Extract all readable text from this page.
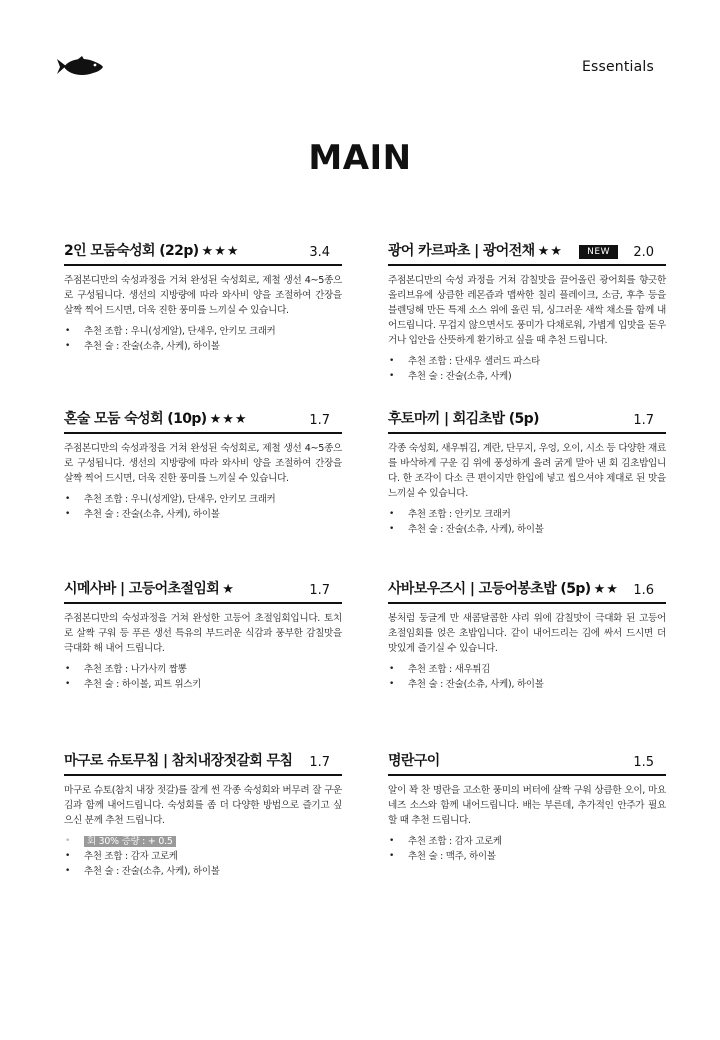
Essentials
MAIN
2인 모둠숙성회 (22p) ★★★	3.4
주점본디만의 숙성과정을 거쳐 완성된 숙성회로, 제철 생선 4~5종으로 구성됩니다. 생선의 지방량에 따라 와사비 양을 조절하여 간장을 살짝 찍어 드시면, 더욱 진한 풍미를 느끼실 수 있습니다.
• 추천 조합 : 우니(성게알), 단새우, 안키모 크래커
• 추천 술 : 잔술(소츄, 사케), 하이볼
광어 카르파초 | 광어전채 ★★	NEW	2.0
주점본디만의 숙성 과정을 거쳐 감칠맛을 끌어올린 광어회를 향긋한 올리브유에 상큼한 레몬즙과 맵싸한 칠리 플레이크, 소금, 후추 등을 블렌딩해 만든 특제 소스 위에 올린 뒤, 싱그러운 새싹 채소를 함께 내어드립니다. 무겁지 않으면서도 풍미가 다채로워, 가볍게 입맛을 돋우거나 입안을 산뜻하게 환기하고 싶을 때 추천 드립니다.
• 추천 조합 : 단새우 샐러드 파스타
• 추천 술 : 잔술(소츄, 사케)
혼술 모둠 숙성회 (10p) ★★★	1.7
주점본디만의 숙성과정을 거쳐 완성된 숙성회로, 제철 생선 4~5종으로 구성됩니다. 생선의 지방량에 따라 와사비 양을 조절하여 간장을 살짝 찍어 드시면, 더욱 진한 풍미를 느끼실 수 있습니다.
• 추천 조합 : 우니(성게알), 단새우, 안키모 크래커
• 추천 술 : 잔술(소츄, 사케), 하이볼
후토마끼 | 회김초밥 (5p)	1.7
각종 숙성회, 새우튀김, 계란, 단무지, 우엉, 오이, 시소 등 다양한 재료를 바삭하게 구운 김 위에 풍성하게 올려 굵게 말아 낸 회 김초밥입니다. 한 조각이 다소 큰 편이지만 한입에 넣고 씹으셔야 제대로 된 맛을 느끼실 수 있습니다.
• 추천 조합 : 안키모 크래커
• 추천 술 : 잔술(소츄, 사케), 하이볼
시메사바 | 고등어초절임회 ★	1.7
주점본디만의 숙성과정을 거쳐 완성한 고등어 초절임회입니다. 토치로 살짝 구워 등 푸른 생선 특유의 부드러운 식감과 풍부한 감칠맛을 극대화 해 내어 드립니다.
• 추천 조합 : 나가사끼 짬뽕
• 추천 술 : 하이볼, 피트 위스키
사바보우즈시 | 고등어봉초밥 (5p) ★★ 1.6
봉처럼 둥글게 만 새콤달콤한 샤리 위에 감칠맛이 극대화 된 고등어 초절임회를 얹은 초밥입니다. 같이 내어드리는 김에 싸서 드시면 더 맛있게 즐기실 수 있습니다.
• 추천 조합 : 새우튀김
• 추천 술 : 잔술(소츄, 사케), 하이볼
마구로 슈토무침 | 참치내장젓갈회 무침 1.7
마구로 슈토(참치 내장 젓갈)를 잘게 썬 각종 숙성회와 버무려 잘 구운 김과 함께 내어드립니다. 숙성회를 좀 더 다양한 방법으로 즐기고 싶으신 분께 추천 드립니다.
• 회 30% 증량 : + 0.5
• 추천 조합 : 감자 고로케
• 추천 술 : 잔술(소츄, 사케), 하이볼
명란구이	1.5
알이 꽉 찬 명란을 고소한 풍미의 버터에 살짝 구워 상큼한 오이, 마요네즈 소스와 함께 내어드립니다. 배는 부른데, 추가적인 안주가 필요할 때 추천 드립니다.
• 추천 조합 : 감자 고로케
• 추천 술 : 맥주, 하이볼
